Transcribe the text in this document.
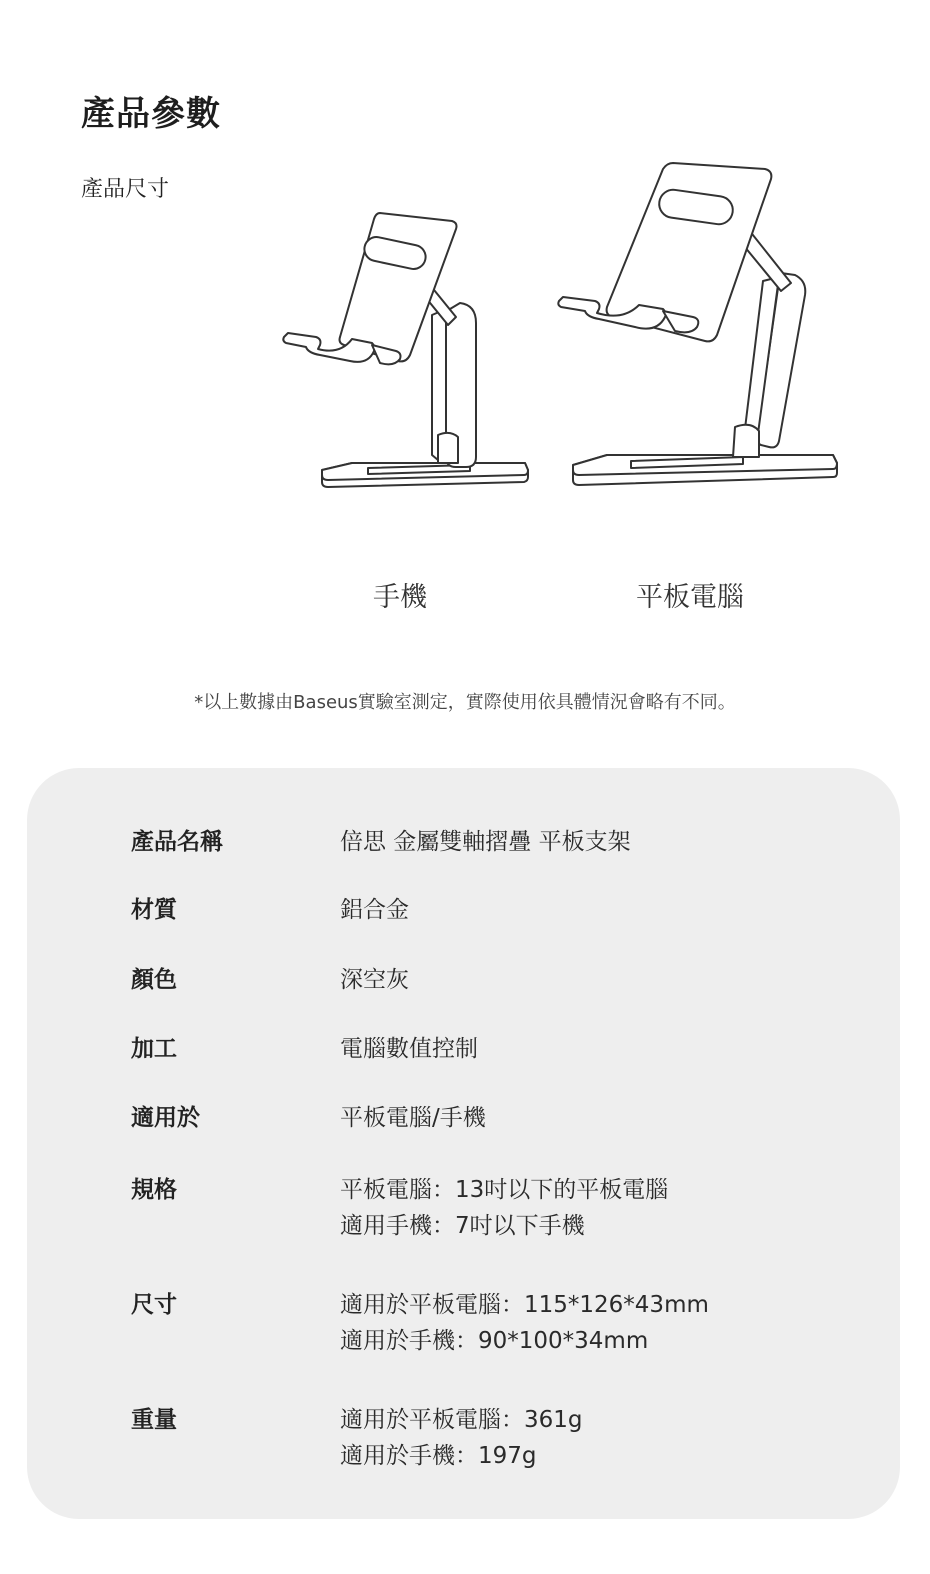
產品參數
產品尺寸
手機	平板電腦
*以上數據由Baseus實驗室測定，實際使用依具體情況會略有不同。
產品名稱	倍思 金屬雙軸摺疊 平板支架
材質	鋁合金
顏色	深空灰
加工	電腦數值控制
適用於	平板電腦/手機
規格	平板電腦：13吋以下的平板電腦
適用手機：7吋以下手機
尺寸	適用於平板電腦：115*126*43mm
適用於手機：90*100*34mm
重量	適用於平板電腦：361g
適用於手機：197g
